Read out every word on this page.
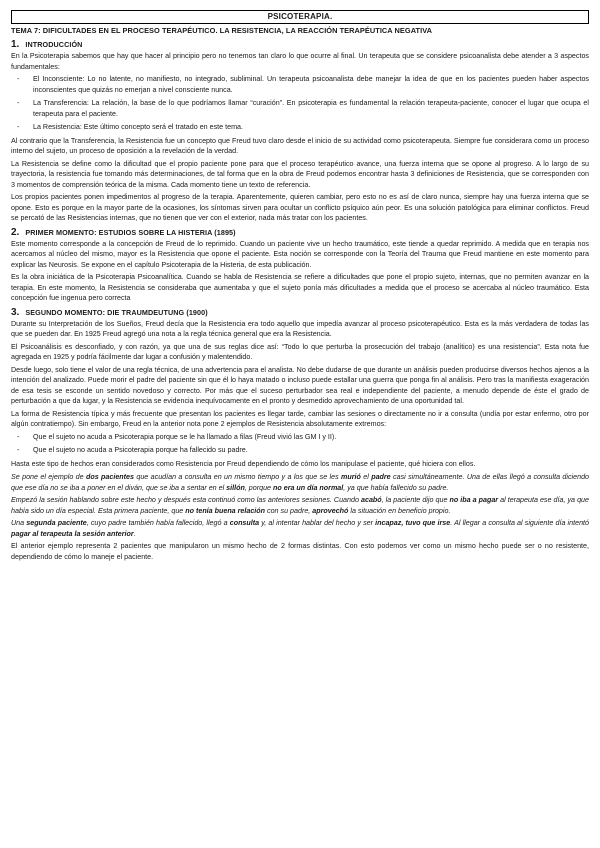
PSICOTERAPIA.
TEMA 7: DIFICULTADES EN EL PROCESO TERAPÉUTICO. LA RESISTENCIA, LA REACCIÓN TERAPÉUTICA NEGATIVA
1. INTRODUCCIÓN

En la Psicoterapia sabemos que hay que hacer al principio pero no tenemos tan claro lo que ocurre al final. Un terapeuta que se considere psicoanalista debe atender a 3 aspectos fundamentales:

- El Inconsciente: Lo no latente, no manifiesto, no integrado, subliminal. Un terapeuta psicoanalista debe manejar la idea de que en los pacientes pueden haber aspectos inconscientes que quizás no emerjan a nivel consciente nunca.
- La Transferencia: La relación, la base de lo que podríamos llamar “curación”. En psicoterapia es fundamental la relación terapeuta-paciente, conocer el lugar que ocupa el terapeuta para el paciente.
- La Resistencia: Este último concepto será el tratado en este tema.

Al contrario que la Transferencia, la Resistencia fue un concepto que Freud tuvo claro desde el inicio de su actividad como psicoterapeuta. Siempre fue considerara como un proceso interno del sujeto, un proceso de oposición a la revelación de la verdad.

La Resistencia se define como la dificultad que el propio paciente pone para que el proceso terapéutico avance, una fuerza interna que se opone al progreso. A lo largo de su trayectoria, la resistencia fue tomando más determinaciones, de tal forma que en la obra de Freud podemos encontrar hasta 3 definiciones de Resistencia, que se corresponden con 3 momentos de comprensión teórica de la misma. Cada momento tiene un texto de referencia.

Los propios pacientes ponen impedimentos al progreso de la terapia. Aparentemente, quieren cambiar, pero esto no es así de claro nunca, siempre hay una fuerza interna que se opone. Esto es porque en la mayor parte de la ocasiones, los síntomas sirven para ocultar un conflicto psíquico aún peor. Es una solución patológica para eliminar conflictos. Freud se percató de las Resistencias internas, que no tienen que ver con el exterior, nada más tratar con los pacientes.

2. PRIMER MOMENTO: ESTUDIOS SOBRE LA HISTERIA (1895)

Este momento corresponde a la concepción de Freud de lo reprimido. Cuando un paciente vive un hecho traumático, este tiende a quedar reprimido. A medida que en terapia nos acercamos al núcleo del mismo, mayor es la Resistencia que opone el paciente. Esta noción se corresponde con la Teoría del Trauma que Freud mantiene en este momento para explicar las Neurosis. Se expone en el capítulo Psicoterapia de la Histeria, de esta publicación.

Es la obra iniciática de la Psicoterapia Psicoanalítica. Cuando se habla de Resistencia se refiere a dificultades que pone el propio sujeto, internas, que no permiten avanzar en la terapia. En este momento, la Resistencia se consideraba que aumentaba y que el sujeto ponía más dificultades a medida que el proceso se acercaba al núcleo traumático. Esta concepción fue ingenua pero correcta

3. SEGUNDO MOMENTO: DIE TRAUMDEUTUNG (1900)

Durante su Interpretación de los Sueños, Freud decía que la Resistencia era todo aquello que impedía avanzar al proceso psicoterapéutico. Esta es la más verdadera de todas las que se pueden dar. En 1925 Freud agregó una nota a la regla técnica general que era la Resistencia.

El Psicoanálisis es desconfiado, y con razón, ya que una de sus reglas dice así: “Todo lo que perturba la prosecución del trabajo (analítico) es una resistencia”. Esta nota fue agregada en 1925 y podría fácilmente dar lugar a confusión y malentendido.

Desde luego, solo tiene el valor de una regla técnica, de una advertencia para el analista. No debe dudarse de que durante un análisis pueden producirse diversos hechos ajenos a la intención del analizado. Puede morir el padre del paciente sin que él lo haya matado o incluso puede estallar una guerra que ponga fin al análisis. Pero tras la manifiesta exageración de esa tesis se esconde un sentido novedoso y correcto. Por más que el suceso perturbador sea real e independiente del paciente, a menudo depende de éste el grado de perturbación a que da lugar, y la Resistencia se evidencia inequívocamente en el pronto y desmedido aprovechamiento de una oportunidad tal.

La forma de Resistencia típica y más frecuente que presentan los pacientes es llegar tarde, cambiar las sesiones o directamente no ir a consulta (undía por estar enfermo, otro por algún contratiempo). Sin embargo, Freud en la anterior nota pone 2 ejemplos de Resistencia absolutamente extremos:

- Que el sujeto no acuda a Psicoterapia porque se le ha llamado a filas (Freud vivió las GM I y II).
- Que el sujeto no acuda a Psicoterapia porque ha fallecido su padre.

Hasta este tipo de hechos eran considerados como Resistencia por Freud dependiendo de cómo los manipulase el paciente, qué hiciera con ellos.

Se pone el ejemplo de dos pacientes que acudían a consulta en un mismo tiempo y a los que se les murió el padre casi simultáneamente. Una de ellas llegó a consulta diciendo que ese día no se iba a poner en el diván, que se iba a sentar en el sillón, porque no era un día normal, ya que había fallecido su padre.

Empezó la sesión hablando sobre este hecho y después esta continuó como las anteriores sesiones. Cuando acabó, la paciente dijo que no iba a pagar al terapeuta ese día, ya que había sido un día especial. Esta primera paciente, que no tenía buena relación con su padre, aprovechó la situación en beneficio propio.

Una segunda paciente, cuyo padre también había fallecido, llegó a consulta y, al intentar hablar del hecho y ser incapaz, tuvo que irse. Al llegar a consulta al siguiente día intentó pagar al terapeuta la sesión anterior.

El anterior ejemplo representa 2 pacientes que manipularon un mismo hecho de 2 formas distintas. Con esto podemos ver como un mismo hecho puede ser o no resistente, dependiendo de cómo lo maneje el paciente.
